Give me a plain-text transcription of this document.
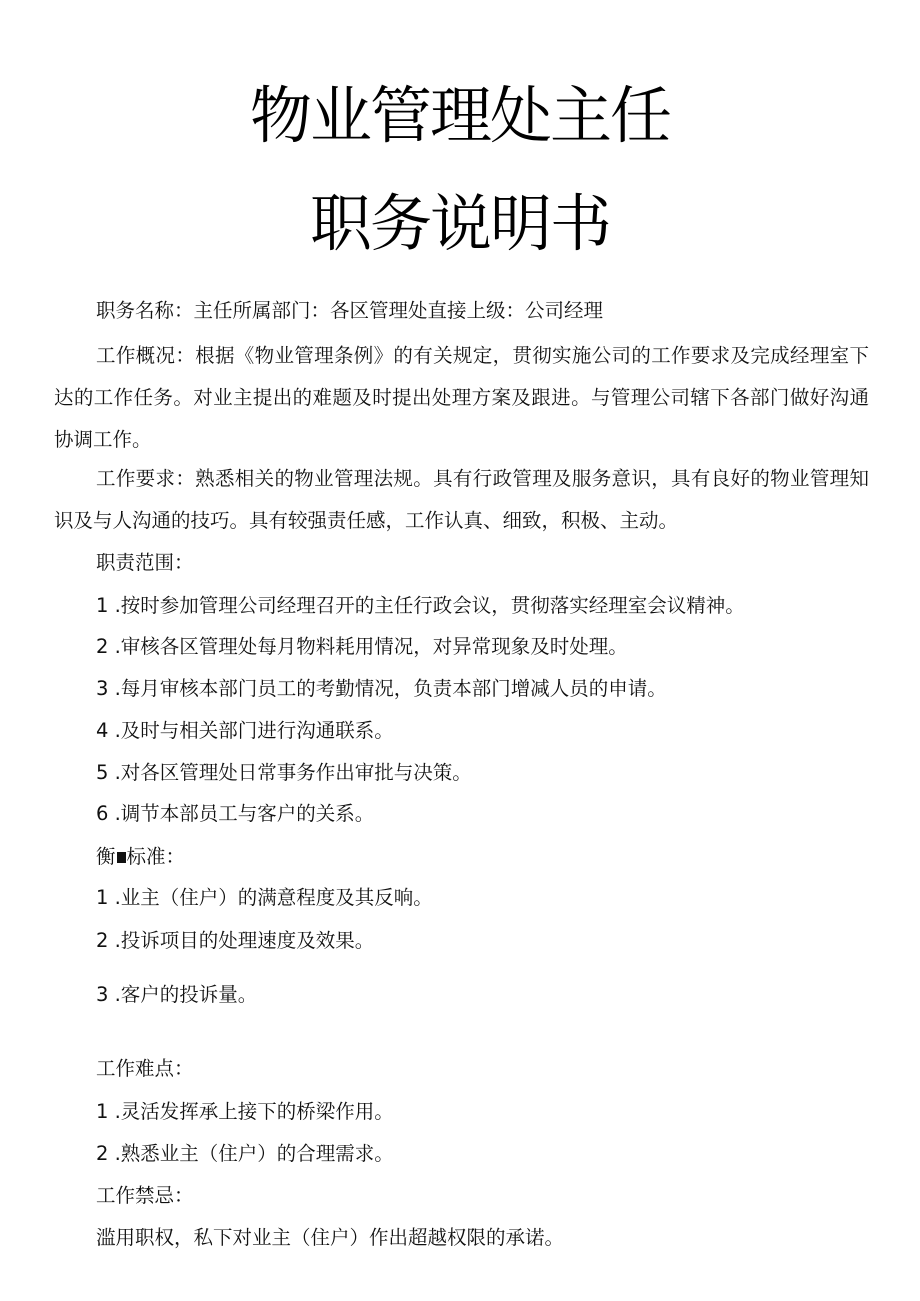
物业管理处主任
职务说明书
职务名称：主任所属部门：各区管理处直接上级：公司经理
工作概况：根据《物业管理条例》的有关规定，贯彻实施公司的工作要求及完成经理室下达的工作任务。对业主提出的难题及时提出处理方案及跟进。与管理公司辖下各部门做好沟通协调工作。
工作要求：熟悉相关的物业管理法规。具有行政管理及服务意识，具有良好的物业管理知识及与人沟通的技巧。具有较强责任感，工作认真、细致，积极、主动。
职责范围：
1 .按时参加管理公司经理召开的主任行政会议，贯彻落实经理室会议精神。
2 .审核各区管理处每月物料耗用情况，对异常现象及时处理。
3 .每月审核本部门员工的考勤情况，负责本部门增减人员的申请。
4 .及时与相关部门进行沟通联系。
5 .对各区管理处日常事务作出审批与决策。
6 .调节本部员工与客户的关系。
衡 标准：
1 .业主（住户）的满意程度及其反响。
2 .投诉项目的处理速度及效果。
3 .客户的投诉量。
工作难点：
1 .灵活发挥承上接下的桥梁作用。
2 .熟悉业主（住户）的合理需求。
工作禁忌：
滥用职权，私下对业主（住户）作出超越权限的承诺。
